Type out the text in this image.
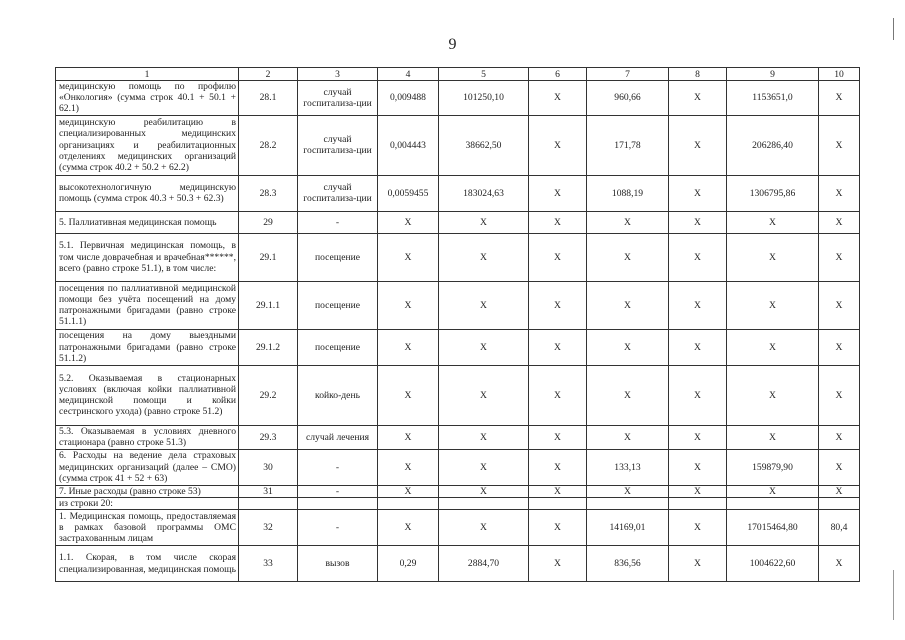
9
1	2	3	4	5	6	7	8	9	10
медицинскую помощь по профилю «Онкология» (сумма строк 40.1 + 50.1 + 62.1)	28.1	случай госпитализа-ции	0,009488	101250,10	X	960,66	X	1153651,0	X
медицинскую реабилитацию в специализированных медицинских организациях и реабилитационных отделениях медицинских организаций (сумма строк 40.2 + 50.2 + 62.2)	28.2	случай госпитализа-ции	0,004443	38662,50	X	171,78	X	206286,40	X
высокотехнологичную медицинскую помощь (сумма строк 40.3 + 50.3 + 62.3)	28.3	случай госпитализа-ции	0,0059455	183024,63	X	1088,19	X	1306795,86	X
5. Паллиативная медицинская помощь	29	-	X	X	X	X	X	X	X
5.1. Первичная медицинская помощь, в том числе доврачебная и врачебная******, всего (равно строке 51.1), в том числе:	29.1	посещение	X	X	X	X	X	X	X
посещения по паллиативной медицинской помощи без учёта посещений на дому патронажными бригадами (равно строке 51.1.1)	29.1.1	посещение	X	X	X	X	X	X	X
посещения на дому выездными патронажными бригадами (равно строке 51.1.2)	29.1.2	посещение	X	X	X	X	X	X	X
5.2. Оказываемая в стационарных условиях (включая койки паллиативной медицинской помощи и койки сестринского ухода) (равно строке 51.2)	29.2	койко-день	X	X	X	X	X	X	X
5.3. Оказываемая в условиях дневного стационара (равно строке 51.3)	29.3	случай лечения	X	X	X	X	X	X	X
6. Расходы на ведение дела страховых медицинских организаций (далее – СМО) (сумма строк 41 + 52 + 63)	30	-	X	X	X	133,13	X	159879,90	X
7. Иные расходы (равно строке 53)	31	-	X	X	X	X	X	X	X
из строки 20:									
1. Медицинская помощь, предоставляемая в рамках базовой программы ОМС застрахованным лицам	32	-	X	X	X	14169,01	X	17015464,80	80,4
1.1. Скорая, в том числе скорая специализированная, медицинская помощь	33	вызов	0,29	2884,70	X	836,56	X	1004622,60	X
